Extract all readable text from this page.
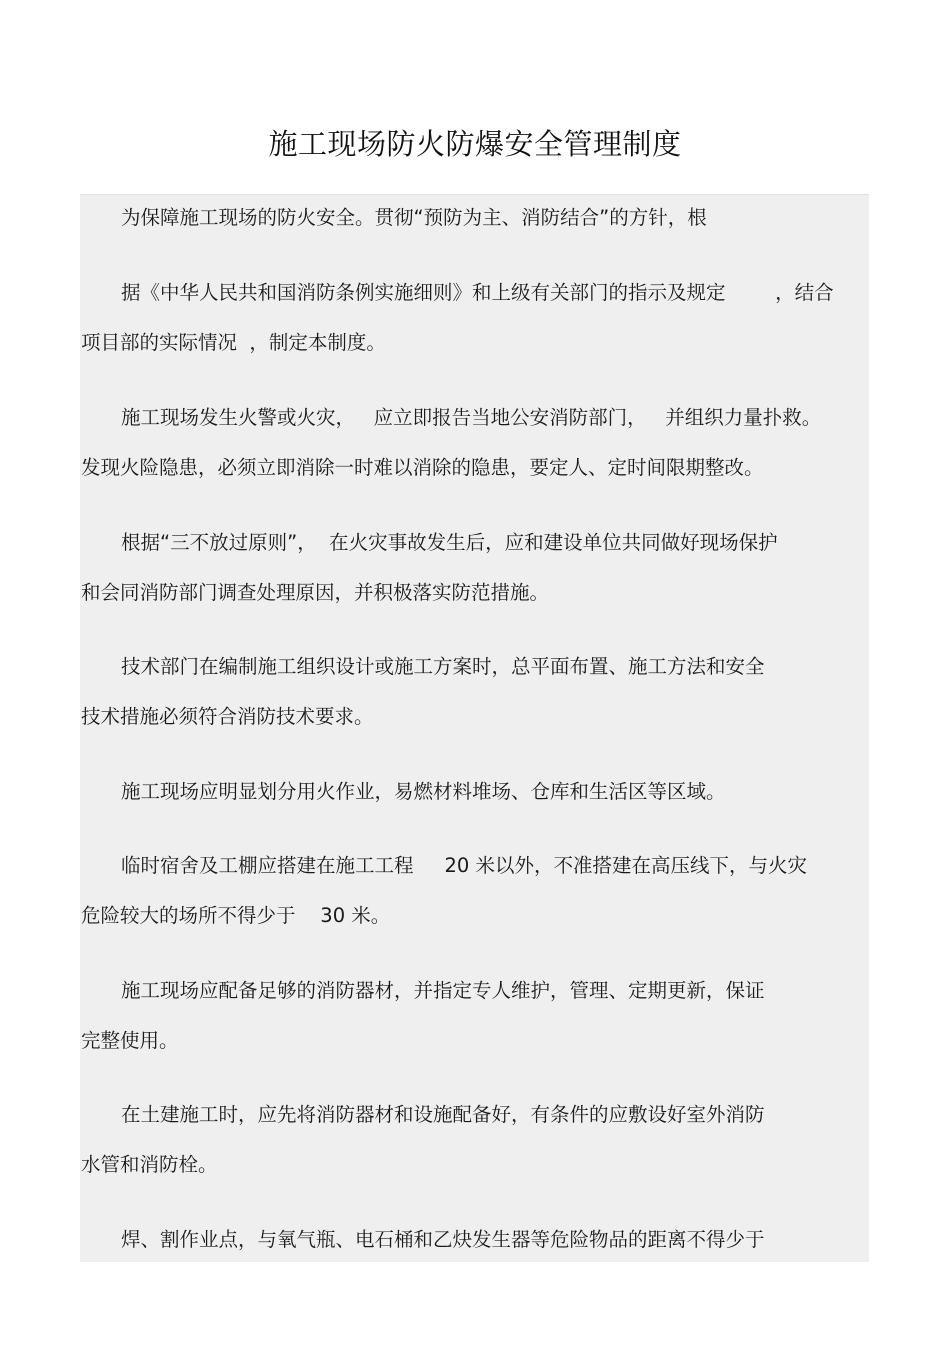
施工现场防火防爆安全管理制度
为保障施工现场的防火安全。贯彻“预防为主、消防结合”的方针，根
据《中华人民共和国消防条例实施细则》和上级有关部门的指示及规定        ，结合
项目部的实际情况  ，制定本制度。
施工现场发生火警或火灾，   应立即报告当地公安消防部门，   并组织力量扑救。
发现火险隐患，必须立即消除一时难以消除的隐患，要定人、定时间限期整改。
根据“三不放过原则”，  在火灾事故发生后，应和建设单位共同做好现场保护
和会同消防部门调查处理原因，并积极落实防范措施。
技术部门在编制施工组织设计或施工方案时，总平面布置、施工方法和安全
技术措施必须符合消防技术要求。
施工现场应明显划分用火作业，易燃材料堆场、仓库和生活区等区域。
临时宿舍及工棚应搭建在施工工程     20 米以外，不准搭建在高压线下，与火灾
危险较大的场所不得少于    30 米。
施工现场应配备足够的消防器材，并指定专人维护，管理、定期更新，保证
完整使用。
在土建施工时，应先将消防器材和设施配备好，有条件的应敷设好室外消防
水管和消防栓。
焊、割作业点，与氧气瓶、电石桶和乙炔发生器等危险物品的距离不得少于
